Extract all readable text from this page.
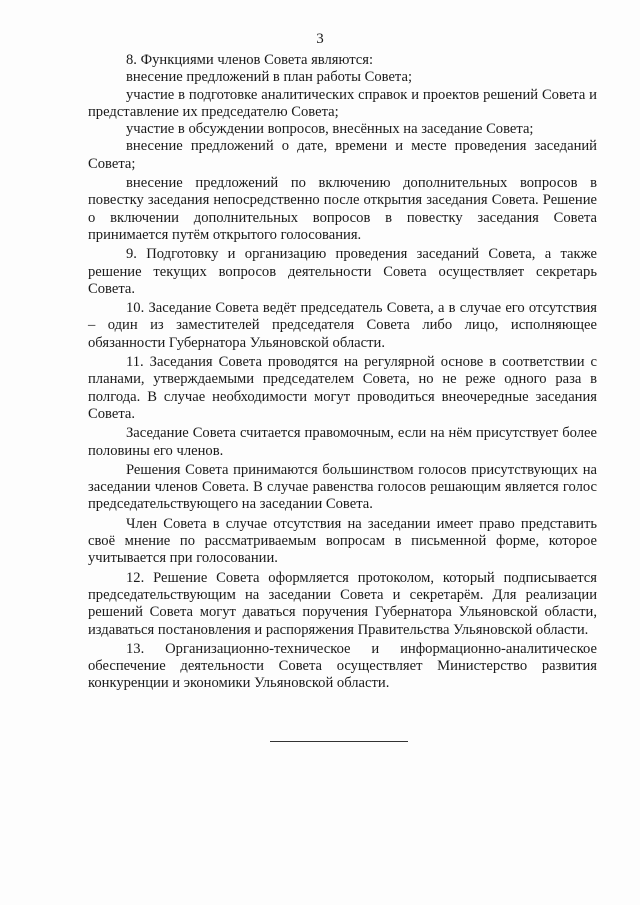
3

8. Функциями членов Совета являются:

внесение предложений в план работы Совета;

участие в подготовке аналитических справок и проектов решений Совета и представление их председателю Совета;

участие в обсуждении вопросов, внесённых на заседание Совета;

внесение предложений о дате, времени и месте проведения заседаний Совета;

внесение предложений по включению дополнительных вопросов в повестку заседания непосредственно после открытия заседания Совета. Решение о включении дополнительных вопросов в повестку заседания Совета принимается путём открытого голосования.

9. Подготовку и организацию проведения заседаний Совета, а также решение текущих вопросов деятельности Совета осуществляет секретарь Совета.

10. Заседание Совета ведёт председатель Совета, а в случае его отсутствия – один из заместителей председателя Совета либо лицо, исполняющее обязанности Губернатора Ульяновской области.

11. Заседания Совета проводятся на регулярной основе в соответствии с планами, утверждаемыми председателем Совета, но не реже одного раза в полгода. В случае необходимости могут проводиться внеочередные заседания Совета.

Заседание Совета считается правомочным, если на нём присутствует более половины его членов.

Решения Совета принимаются большинством голосов присутствующих на заседании членов Совета. В случае равенства голосов решающим является голос председательствующего на заседании Совета.

Член Совета в случае отсутствия на заседании имеет право представить своё мнение по рассматриваемым вопросам в письменной форме, которое учитывается при голосовании.

12. Решение Совета оформляется протоколом, который подписывается председательствующим на заседании Совета и секретарём. Для реализации решений Совета могут даваться поручения Губернатора Ульяновской области, издаваться постановления и распоряжения Правительства Ульяновской области.

13. Организационно-техническое и информационно-аналитическое обеспечение деятельности Совета осуществляет Министерство развития конкуренции и экономики Ульяновской области.
